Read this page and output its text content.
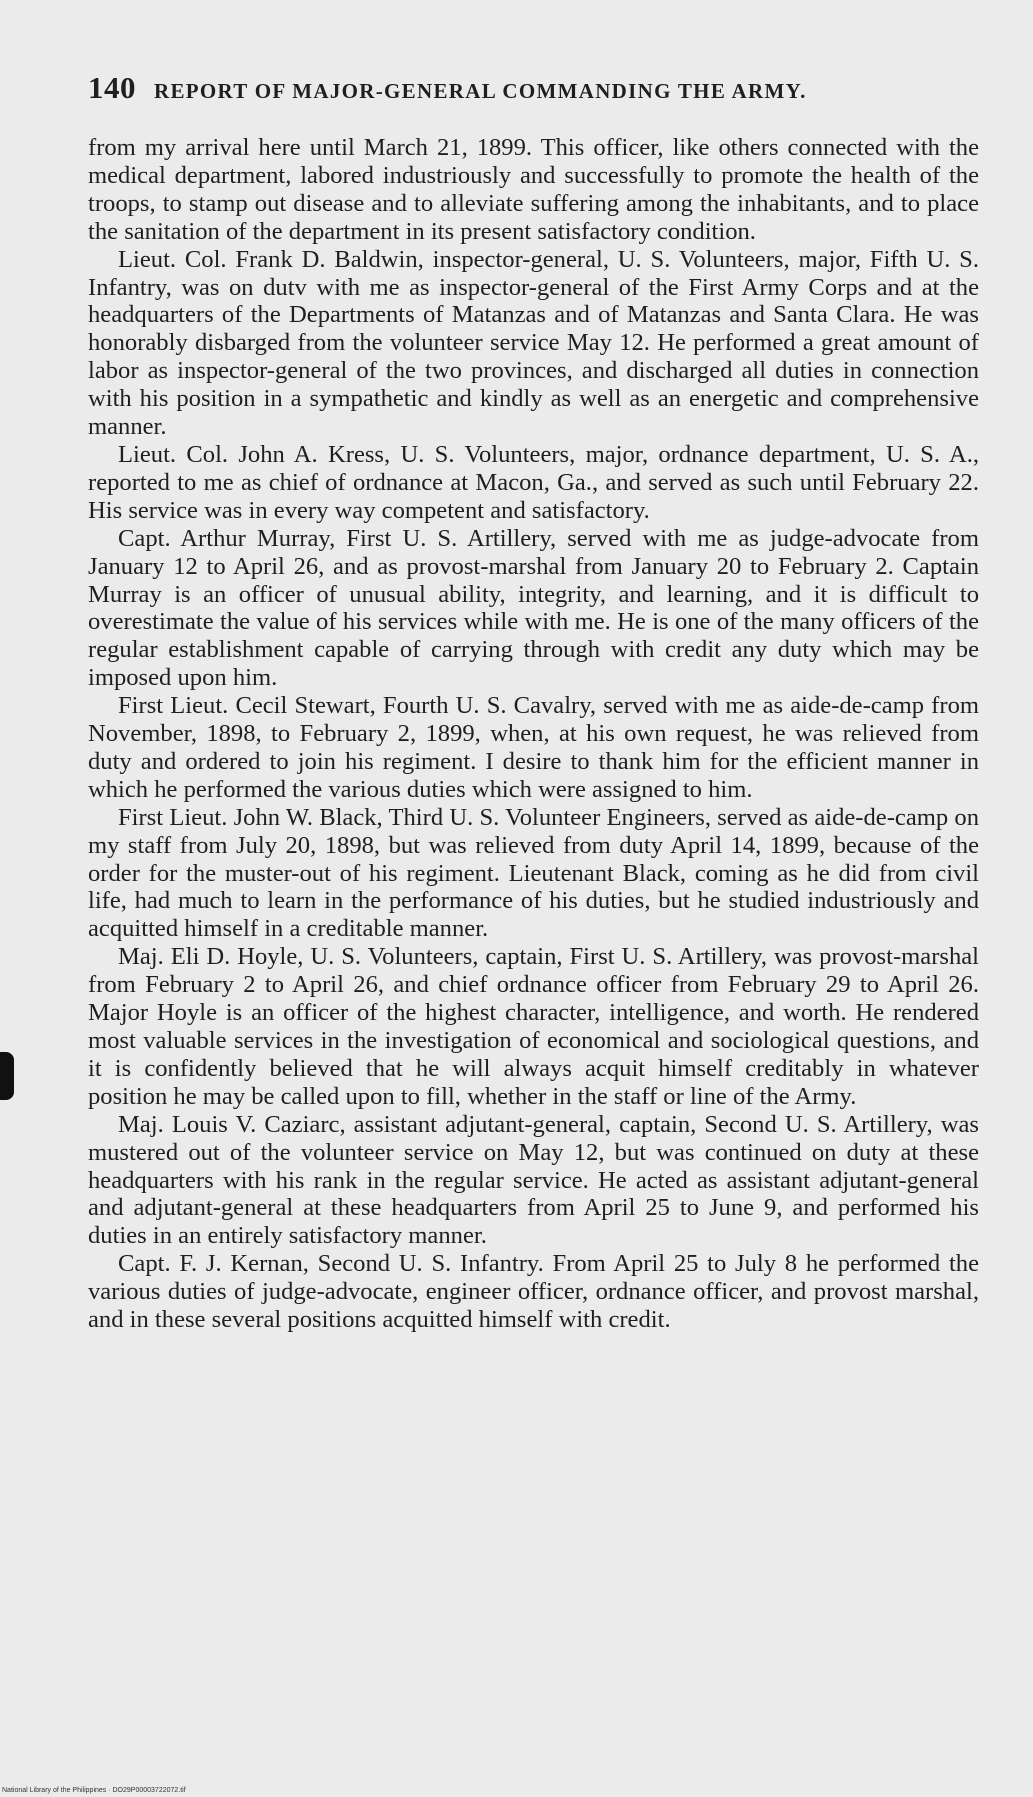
140 REPORT OF MAJOR-GENERAL COMMANDING THE ARMY.

from my arrival here until March 21, 1899. This officer, like others connected with the medical department, labored industriously and successfully to promote the health of the troops, to stamp out disease and to alleviate suffering among the inhabitants, and to place the sanitation of the department in its present satisfactory condition.

Lieut. Col. Frank D. Baldwin, inspector-general, U. S. Volunteers, major, Fifth U. S. Infantry, was on dutv with me as inspector-general of the First Army Corps and at the headquarters of the Departments of Matanzas and of Matanzas and Santa Clara. He was honorably disbarged from the volunteer service May 12. He performed a great amount of labor as inspector-general of the two provinces, and discharged all duties in connection with his position in a sympathetic and kindly as well as an energetic and comprehensive manner.

Lieut. Col. John A. Kress, U. S. Volunteers, major, ordnance department, U. S. A., reported to me as chief of ordnance at Macon, Ga., and served as such until February 22. His service was in every way competent and satisfactory.

Capt. Arthur Murray, First U. S. Artillery, served with me as judge-advocate from January 12 to April 26, and as provost-marshal from January 20 to February 2. Captain Murray is an officer of unusual ability, integrity, and learning, and it is difficult to overestimate the value of his services while with me. He is one of the many officers of the regular establishment capable of carrying through with credit any duty which may be imposed upon him.

First Lieut. Cecil Stewart, Fourth U. S. Cavalry, served with me as aide-de-camp from November, 1898, to February 2, 1899, when, at his own request, he was relieved from duty and ordered to join his regiment. I desire to thank him for the efficient manner in which he performed the various duties which were assigned to him.

First Lieut. John W. Black, Third U. S. Volunteer Engineers, served as aide-de-camp on my staff from July 20, 1898, but was relieved from duty April 14, 1899, because of the order for the muster-out of his regiment. Lieutenant Black, coming as he did from civil life, had much to learn in the performance of his duties, but he studied industriously and acquitted himself in a creditable manner.

Maj. Eli D. Hoyle, U. S. Volunteers, captain, First U. S. Artillery, was provost-marshal from February 2 to April 26, and chief ordnance officer from February 29 to April 26. Major Hoyle is an officer of the highest character, intelligence, and worth. He rendered most valuable services in the investigation of economical and sociological questions, and it is confidently believed that he will always acquit himself creditably in whatever position he may be called upon to fill, whether in the staff or line of the Army.

Maj. Louis V. Caziarc, assistant adjutant-general, captain, Second U. S. Artillery, was mustered out of the volunteer service on May 12, but was continued on duty at these headquarters with his rank in the regular service. He acted as assistant adjutant-general and adjutant-general at these headquarters from April 25 to June 9, and performed his duties in an entirely satisfactory manner.

Capt. F. J. Kernan, Second U. S. Infantry. From April 25 to July 8 he performed the various duties of judge-advocate, engineer officer, ordnance officer, and provost marshal, and in these several positions acquitted himself with credit.

National Library of the Philippines · DO29P00003722072.tif
